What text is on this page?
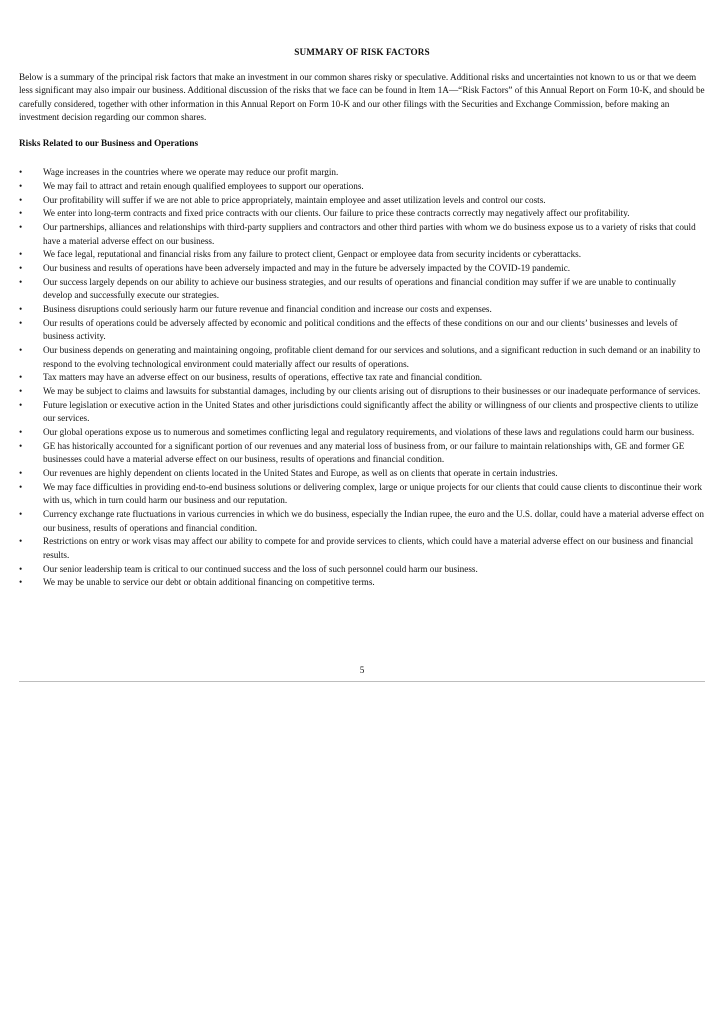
SUMMARY OF RISK FACTORS

Below is a summary of the principal risk factors that make an investment in our common shares risky or speculative. Additional risks and uncertainties not known to us or that we deem less significant may also impair our business. Additional discussion of the risks that we face can be found in Item 1A—“Risk Factors” of this Annual Report on Form 10-K, and should be carefully considered, together with other information in this Annual Report on Form 10-K and our other filings with the Securities and Exchange Commission, before making an investment decision regarding our common shares.

Risks Related to our Business and Operations
• Wage increases in the countries where we operate may reduce our profit margin.
• We may fail to attract and retain enough qualified employees to support our operations.
• Our profitability will suffer if we are not able to price appropriately, maintain employee and asset utilization levels and control our costs.
• We enter into long-term contracts and fixed price contracts with our clients. Our failure to price these contracts correctly may negatively affect our profitability.
• Our partnerships, alliances and relationships with third-party suppliers and contractors and other third parties with whom we do business expose us to a variety of risks that could have a material adverse effect on our business.
• We face legal, reputational and financial risks from any failure to protect client, Genpact or employee data from security incidents or cyberattacks.
• Our business and results of operations have been adversely impacted and may in the future be adversely impacted by the COVID-19 pandemic.
• Our success largely depends on our ability to achieve our business strategies, and our results of operations and financial condition may suffer if we are unable to continually develop and successfully execute our strategies.
• Business disruptions could seriously harm our future revenue and financial condition and increase our costs and expenses.
• Our results of operations could be adversely affected by economic and political conditions and the effects of these conditions on our and our clients’ businesses and levels of business activity.
• Our business depends on generating and maintaining ongoing, profitable client demand for our services and solutions, and a significant reduction in such demand or an inability to respond to the evolving technological environment could materially affect our results of operations.
• Tax matters may have an adverse effect on our business, results of operations, effective tax rate and financial condition.
• We may be subject to claims and lawsuits for substantial damages, including by our clients arising out of disruptions to their businesses or our inadequate performance of services.
• Future legislation or executive action in the United States and other jurisdictions could significantly affect the ability or willingness of our clients and prospective clients to utilize our services.
• Our global operations expose us to numerous and sometimes conflicting legal and regulatory requirements, and violations of these laws and regulations could harm our business.
• GE has historically accounted for a significant portion of our revenues and any material loss of business from, or our failure to maintain relationships with, GE and former GE businesses could have a material adverse effect on our business, results of operations and financial condition.
• Our revenues are highly dependent on clients located in the United States and Europe, as well as on clients that operate in certain industries.
• We may face difficulties in providing end-to-end business solutions or delivering complex, large or unique projects for our clients that could cause clients to discontinue their work with us, which in turn could harm our business and our reputation.
• Currency exchange rate fluctuations in various currencies in which we do business, especially the Indian rupee, the euro and the U.S. dollar, could have a material adverse effect on our business, results of operations and financial condition.
• Restrictions on entry or work visas may affect our ability to compete for and provide services to clients, which could have a material adverse effect on our business and financial results.
• Our senior leadership team is critical to our continued success and the loss of such personnel could harm our business.
• We may be unable to service our debt or obtain additional financing on competitive terms.
5
